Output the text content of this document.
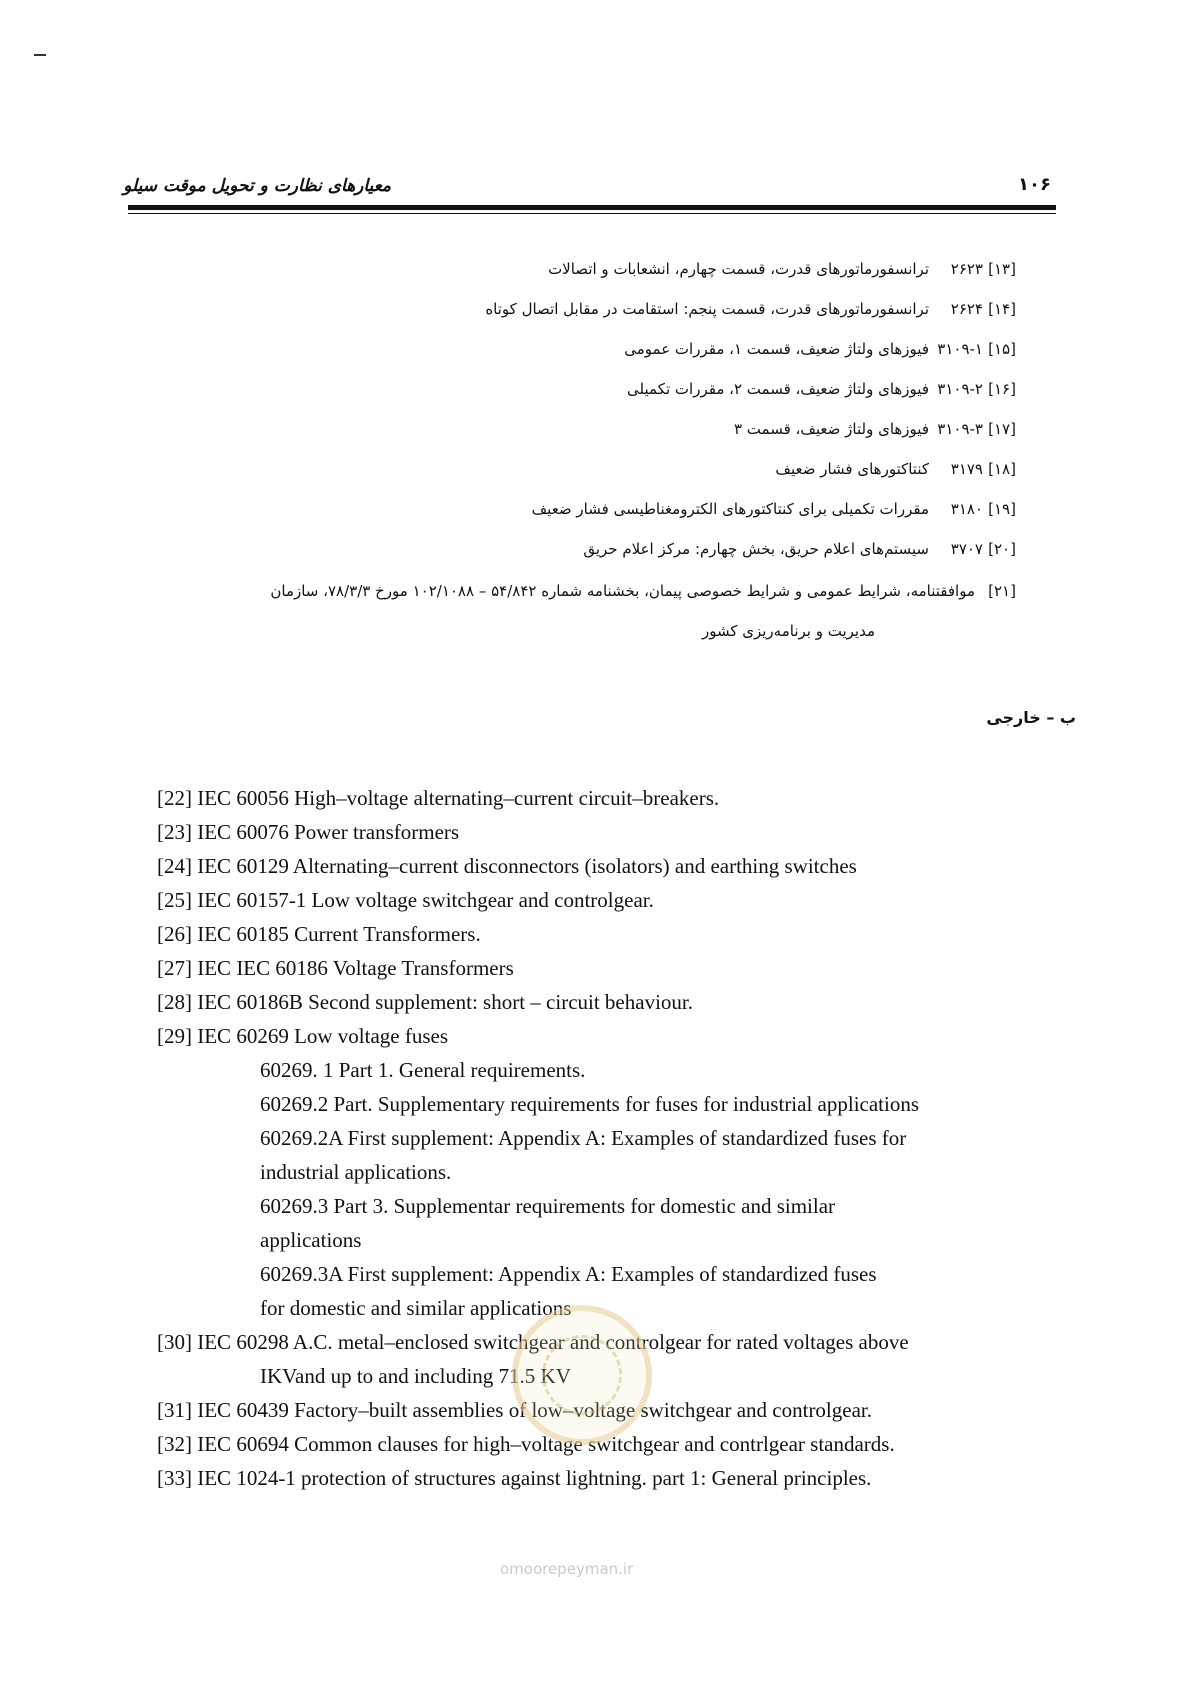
معیارهای نظارت و تحویل موقت سیلو	۱۰۶
[۱۳]
۲۶۲۳
ترانسفورماتورهای قدرت، قسمت چهارم، انشعابات و اتصالات
[۱۴]
۲۶۲۴
ترانسفورماتورهای قدرت، قسمت پنجم: استقامت در مقابل اتصال کوتاه
[۱۵]
۳۱۰۹-۱
فیوزهای ولتاژ ضعیف، قسمت ۱، مقررات عمومی
[۱۶]
۳۱۰۹-۲
فیوزهای ولتاژ ضعیف، قسمت ۲، مقررات تکمیلی
[۱۷]
۳۱۰۹-۳
فیوزهای ولتاژ ضعیف، قسمت ۳
[۱۸]
۳۱۷۹
کنتاکتورهای فشار ضعیف
[۱۹]
۳۱۸۰
مقررات تکمیلی برای کنتاکتورهای الکترومغناطیسی فشار ضعیف
[۲۰]
۳۷۰۷
سیستم‌های اعلام حریق، بخش چهارم: مرکز اعلام حریق
[۲۱]
موافقتنامه، شرایط عمومی و شرایط خصوصی پیمان، بخشنامه شماره ۵۴/۸۴۲ – ۱۰۲/۱۰۸۸ مورخ ۷۸/۳/۳، سازمان
مدیریت و برنامه‌ریزی کشور
ب – خارجی
[22] IEC 60056 High–voltage alternating–current circuit–breakers.
[23] IEC 60076 Power transformers
[24] IEC 60129 Alternating–current disconnectors (isolators) and earthing switches
[25] IEC 60157-1 Low voltage switchgear and controlgear.
[26] IEC 60185 Current Transformers.
[27] IEC IEC 60186 Voltage Transformers
[28] IEC 60186B Second supplement: short – circuit behaviour.
[29] IEC 60269 Low voltage fuses
60269. 1 Part 1. General requirements.
60269.2 Part. Supplementary requirements for fuses for industrial applications
60269.2A First supplement: Appendix A: Examples of standardized fuses for
industrial applications.
60269.3 Part 3. Supplementar requirements for domestic and similar
applications
60269.3A First supplement: Appendix A: Examples of standardized fuses
for domestic and similar applications
[30] IEC 60298 A.C. metal–enclosed switchgear and controlgear for rated voltages above
IKVand up to and including 71.5 KV
[31] IEC 60439 Factory–built assemblies of low–voltage switchgear and controlgear.
[32] IEC 60694 Common clauses for high–voltage switchgear and contrlgear standards.
[33] IEC 1024-1 protection of structures against lightning. part 1: General principles.
omoorepeyman.ir
